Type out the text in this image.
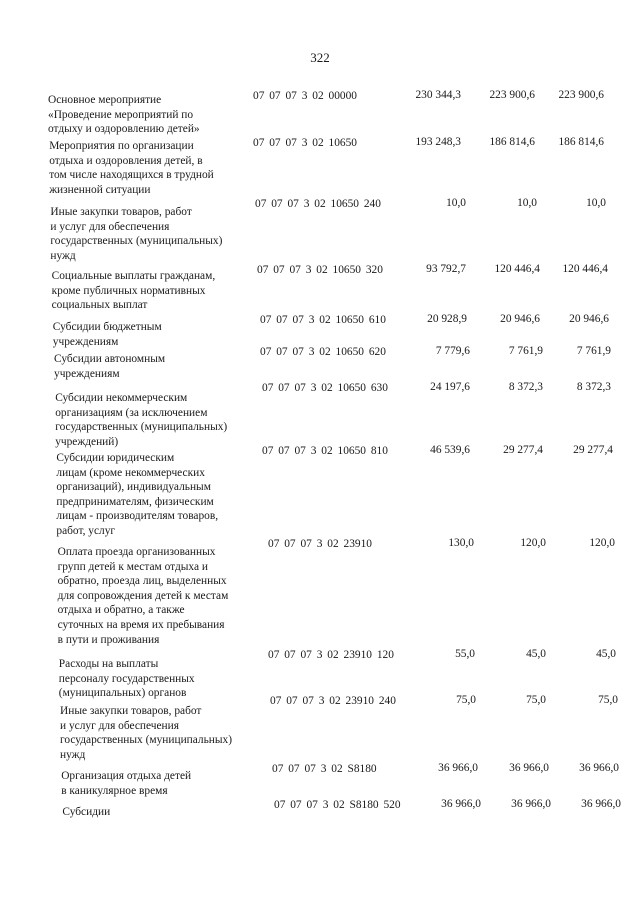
322
Основное мероприятие
«Проведение мероприятий по
отдыху и оздоровлению детей»
07 07 07 3 02 00000	230 344,3	223 900,6	223 900,6
Мероприятия по организации
отдыха и оздоровления детей, в
том числе находящихся в трудной
жизненной ситуации
07 07 07 3 02 10650	193 248,3	186 814,6	186 814,6
Иные закупки товаров, работ
и услуг для обеспечения
государственных (муниципальных)
нужд
07 07 07 3 02 10650 240	10,0	10,0	10,0
Социальные выплаты гражданам,
кроме публичных нормативных
социальных выплат
07 07 07 3 02 10650 320	93 792,7	120 446,4	120 446,4
Субсидии бюджетным
учреждениям
07 07 07 3 02 10650 610	20 928,9	20 946,6	20 946,6
Субсидии автономным
учреждениям
07 07 07 3 02 10650 620	7 779,6	7 761,9	7 761,9
Субсидии некоммерческим
организациям (за исключением
государственных (муниципальных)
учреждений)
07 07 07 3 02 10650 630	24 197,6	8 372,3	8 372,3
Субсидии юридическим
лицам (кроме некоммерческих
организаций), индивидуальным
предпринимателям, физическим
лицам - производителям товаров,
работ, услуг
07 07 07 3 02 10650 810	46 539,6	29 277,4	29 277,4
Оплата проезда организованных
групп детей к местам отдыха и
обратно, проезда лиц, выделенных
для сопровождения детей к местам
отдыха и обратно, а также
суточных на время их пребывания
в пути и проживания
07 07 07 3 02 23910	130,0	120,0	120,0
Расходы на выплаты
персоналу государственных
(муниципальных) органов
07 07 07 3 02 23910 120	55,0	45,0	45,0
Иные закупки товаров, работ
и услуг для обеспечения
государственных (муниципальных)
нужд
07 07 07 3 02 23910 240	75,0	75,0	75,0
Организация отдыха детей
в каникулярное время
07 07 07 3 02 S8180	36 966,0	36 966,0	36 966,0
Субсидии
07 07 07 3 02 S8180 520	36 966,0	36 966,0	36 966,0
